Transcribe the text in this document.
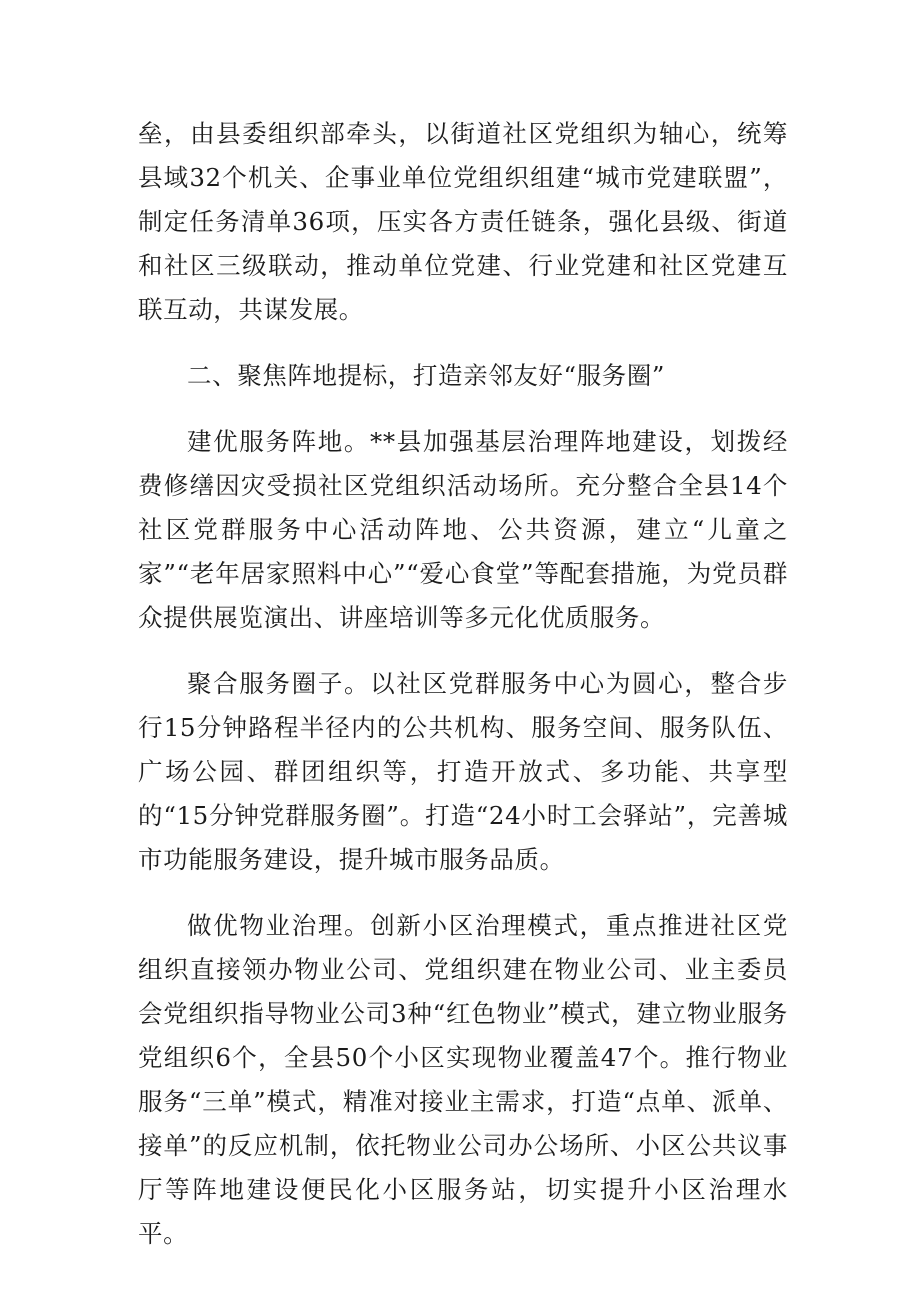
垒，由县委组织部牵头，以街道社区党组织为轴心，统筹县域32个机关、企事业单位党组织组建“城市党建联盟”，制定任务清单36项，压实各方责任链条，强化县级、街道和社区三级联动，推动单位党建、行业党建和社区党建互联互动，共谋发展。

二、聚焦阵地提标，打造亲邻友好“服务圈”

建优服务阵地。**县加强基层治理阵地建设，划拨经费修缮因灾受损社区党组织活动场所。充分整合全县14个社区党群服务中心活动阵地、公共资源，建立“儿童之家”“老年居家照料中心”“爱心食堂”等配套措施，为党员群众提供展览演出、讲座培训等多元化优质服务。

聚合服务圈子。以社区党群服务中心为圆心，整合步行15分钟路程半径内的公共机构、服务空间、服务队伍、广场公园、群团组织等，打造开放式、多功能、共享型的“15分钟党群服务圈”。打造“24小时工会驿站”，完善城市功能服务建设，提升城市服务品质。

做优物业治理。创新小区治理模式，重点推进社区党组织直接领办物业公司、党组织建在物业公司、业主委员会党组织指导物业公司3种“红色物业”模式，建立物业服务党组织6个，全县50个小区实现物业覆盖47个。推行物业服务“三单”模式，精准对接业主需求，打造“点单、派单、接单”的反应机制，依托物业公司办公场所、小区公共议事厅等阵地建设便民化小区服务站，切实提升小区治理水平。
